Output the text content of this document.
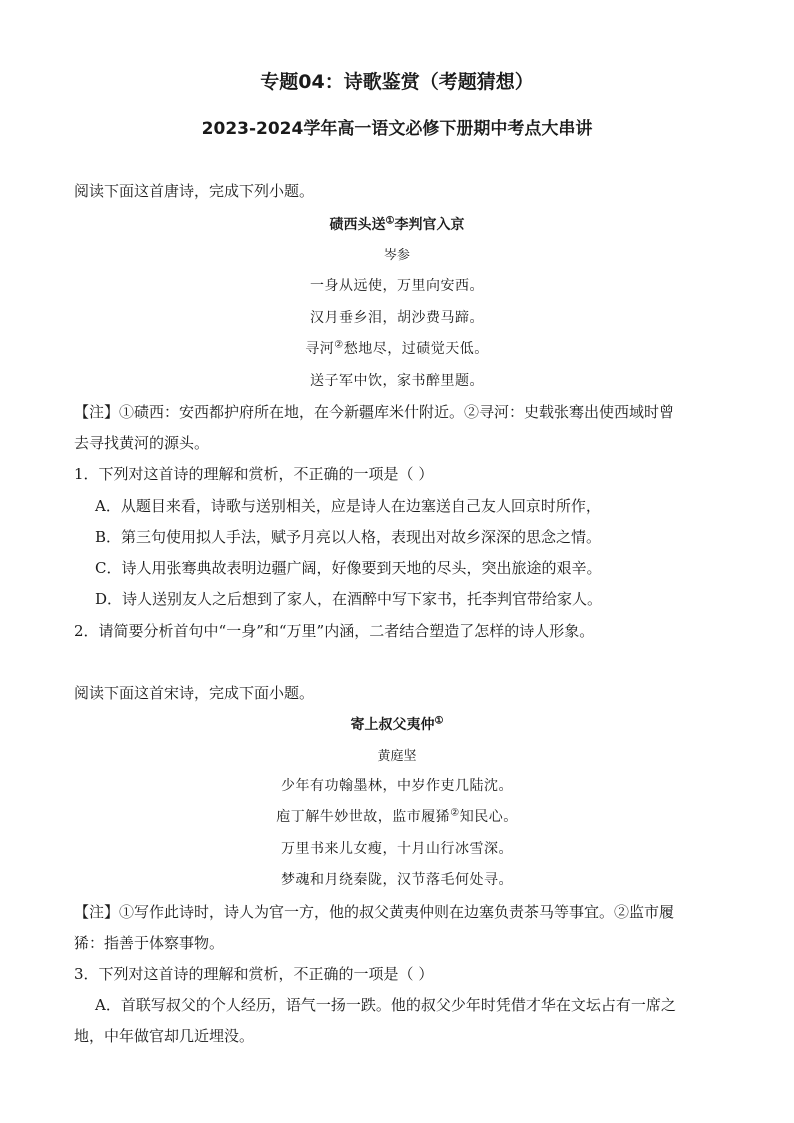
专题04：诗歌鉴赏（考题猜想）
2023-2024学年高一语文必修下册期中考点大串讲
阅读下面这首唐诗，完成下列小题。
碛西头送①李判官入京
岑参
一身从远使，万里向安西。
汉月垂乡泪，胡沙费马蹄。
寻河②愁地尽，过碛觉天低。
送子军中饮，家书醉里题。
【注】①碛西：安西都护府所在地，在今新疆库米什附近。②寻河：史载张骞出使西域时曾
去寻找黄河的源头。
1．下列对这首诗的理解和赏析，不正确的一项是（ ）
A．从题目来看，诗歌与送别相关，应是诗人在边塞送自己友人回京时所作，
B．第三句使用拟人手法，赋予月亮以人格，表现出对故乡深深的思念之情。
C．诗人用张骞典故表明边疆广阔，好像要到天地的尽头，突出旅途的艰辛。
D．诗人送别友人之后想到了家人，在酒醉中写下家书，托李判官带给家人。
2．请简要分析首句中“一身”和“万里”内涵，二者结合塑造了怎样的诗人形象。
阅读下面这首宋诗，完成下面小题。
寄上叔父夷仲①
黄庭坚
少年有功翰墨林，中岁作吏几陆沈。
庖丁解牛妙世故，监市履狶②知民心。
万里书来儿女瘦，十月山行冰雪深。
梦魂和月绕秦陇，汉节落毛何处寻。
【注】①写作此诗时，诗人为官一方，他的叔父黄夷仲则在边塞负责茶马等事宜。②监市履
狶：指善于体察事物。
3．下列对这首诗的理解和赏析，不正确的一项是（ ）
A．首联写叔父的个人经历，语气一扬一跌。他的叔父少年时凭借才华在文坛占有一席之
地，中年做官却几近埋没。
